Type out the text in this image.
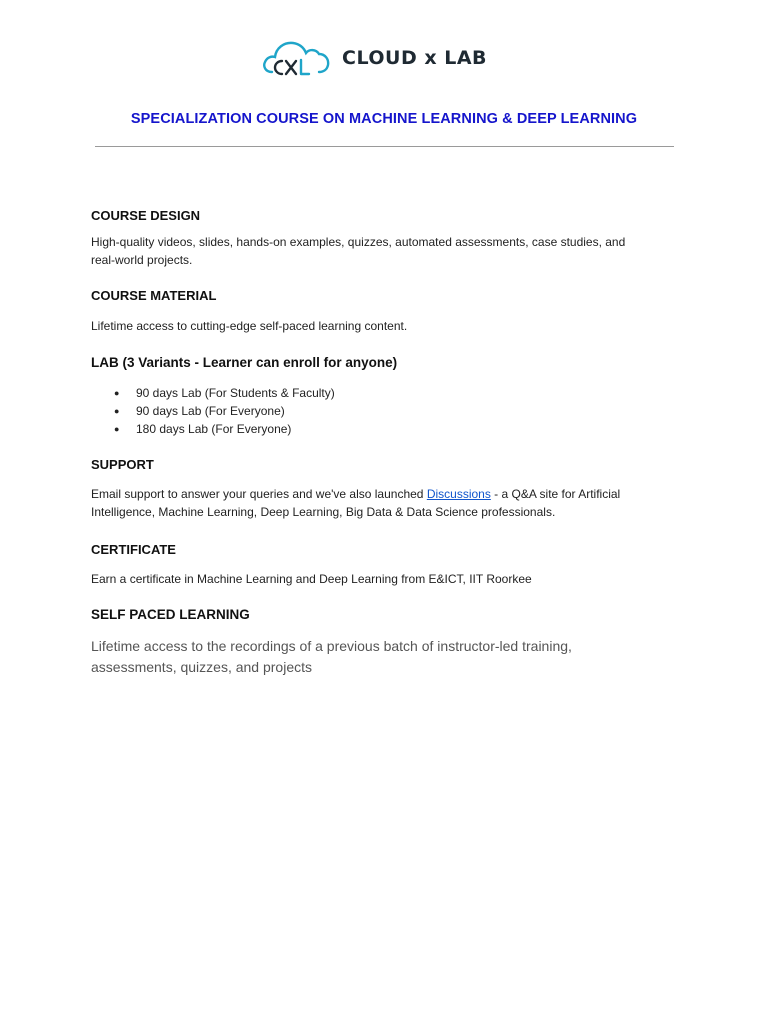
CLOUD x LAB
SPECIALIZATION COURSE ON MACHINE LEARNING & DEEP LEARNING
COURSE DESIGN

High-quality videos, slides, hands-on examples, quizzes, automated assessments, case studies, and
real-world projects.

COURSE MATERIAL

Lifetime access to cutting-edge self-paced learning content.

LAB (3 Variants - Learner can enroll for anyone)
● 90 days Lab (For Students & Faculty)
● 90 days Lab (For Everyone)
● 180 days Lab (For Everyone)
SUPPORT

Email support to answer your queries and we've also launched Discussions - a Q&A site for Artificial
Intelligence, Machine Learning, Deep Learning, Big Data & Data Science professionals.

CERTIFICATE

Earn a certificate in Machine Learning and Deep Learning from E&ICT, IIT Roorkee

SELF PACED LEARNING

Lifetime access to the recordings of a previous batch of instructor-led training,
assessments, quizzes, and projects
